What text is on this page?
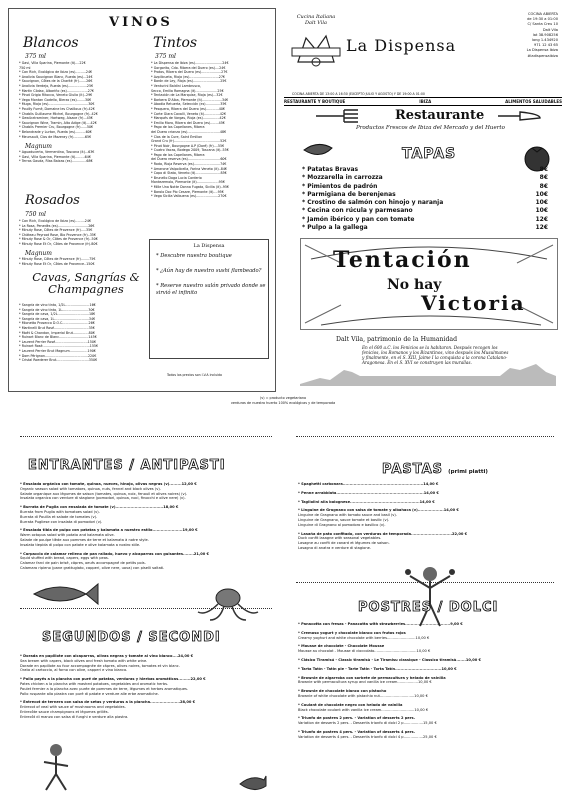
VINOS
Blancos	Tintos
375 ml	375 ml
* Gavi, Villa Sparina, Piemonte (it)....22€
750 ml
* Can Rich, Ecológico de Ibiza (es)..........24€
* Analivia Sauvignon Blanc, Rueda (es)...24€
* Sauvignon, Côtes de la Charité (fr).......26€
* Analivia Verdejo, Rueda (es)..................25€
* Martín Códax, Albariño (es)....................27€
* Pinot Grigio Ritocco, Veneto Giulia (it)..29€
* Vega Montan Godello, Bierzo (es)........30€
* Muga, Rioja (es)......................................30€
* Pouilly Fumé, Domaine les Chailloux (fr).42€
* Chablis Guillaume Michel, Bourgogne (fr)..42€
* Gewürztraminer, Hartweg, Alsace (fr)...45€
* Sauvignon Wine, Tramin, Alto Adige (it)....42€
* Chablis Premier Cru, Bourgogne (fr)......50€
* Belondrade y Lurton, Rueda (es)..........60€
* Meursault, Clos de Mazeray (fr)...........65€
Magnum
* Aguaducerta, Vermentino, Toscana (it)...63€
* Gavi, Villa Sparina, Piemonte (it).........64€
* Terras Gauda, Rías Baixas (es)..............68€
* La Dispensa de Ibiza (es)..........................24€
* Gorgorito, Cdo. Ribera del Duero (es)....24€
* Protos, Ribera del Duero (es)...................27€
* Azpilicueta, Rioja (es)............................27€
* Barón de Ley, Rioja (es)..........................25€
* Venturini Baldini Lambrusco,
Secco, Emilia Romagna (it).....................25€
* Tentación de La Marquise, Rioja (es)...32€
* Barbera D'Alba, Piemonte (it)...................34€
* Abadía Retuerta, Selección (es)..............35€
* Pesquera, Ribera del Duero (es)............40€
* Corte Giara Cavalli, Veneto (it)...............42€
* Marqués de Vargas, Rioja (es)................42€
* Emilio Moro, Ribera del Duero (es)........45€
* Pago de los Capellanes, Ribera
del Duero crianza (es)...............................48€
* Clos de la Cure, Saint Émilion
Grand Cru (fr)............................................52€
* Pinot Noir, Bourgogne A.P (Doré) (fr)....55€
* Cuatro Vacas, Bodega 2009, Toscana (it)..55€
* Pago de los Capellanes, Ribera
del Duero reserva (es)...............................60€
* Roda, Rioja Reserva (es).........................74€
* Amarone Valpolicella, Farina Veneto (it)..84€
* Capo di Stato, Veneto (it)........................85€
* Brunello Doga Lucia Corderio
Montezemolo, Piemonte (it).....................95€
* Mille Una Notte Donna Fugata, Sicilia (it)..95€
* Barolo Doc Pio Cesare, Piemonte (it)....95€
* Vega Sicilia Valbuena (es).....................270€
Rosados
750 ml
* Can Rich, Ecológico de Ibiza (es).........24€
* La Rosa, Penedès (es).............................26€
* Minuty Rose, Côtes de Provence (fr).....35€
* Château Peyroot Rose, Bio Provence (fr)..35€
* Minuty Rose & Or, Côtes de Provence (fr)..50€
* Minuty Rose Et Or, Côtes de Provence (fr).80€
Magnum
* Minuty Rose, Côtes de Provence (fr)........75€
* Minuty Rose Et Or, Côtes de Provence..150€
Cavas, Sangrías & Champagnes
* Sangría de vino tinto, 1/2L.......................16€
* Sangría de vino tinto, 1L.........................30€
* Sangría de cava, 1/2L..............................18€
* Sangría de cava, 1L.................................34€
* Mionetto Prosecco D.O.C.........................26€
* Martinelli Brut Rosé.................................35€
* Moët & Chandon, Imperial Brut...............80€
* Ruinart Blanc de Blanc............................145€
* Laurent Perrier Rosé...............................150€
* Ruinart Rosé.............................................155€
* Laurent Perrier Brut Magnum.................190€
* Dom Pérignon.........................................220€
* Cristal Roederer Brut...............................350€
La Dispensa
* Descubre nuestra boutique
* ¿Aún hay de nuestro sushi flambeado?
* Reserve nuestro salón privado donde se sirvió el infinito
Todos los precios son I.V.A incluido
Cucina Italiana
Dalt Vila
La Dispensa
COCINA ABIERTA
de 19:30 a 01:00
C/ Santa Creu 10
Dalt Vila
lat 38.908256
long 1.434920
971 12 43 65
La Dispensa Ibiza
#ladispensaibiza
COCINA ABIERTA DE 13:00 A 16:30 (EXCEPTO JULIO Y AGOSTO) Y DE 19:00 A 01:00
RESTAURANTE Y BOUTIQUE	IBIZA	ALIMENTOS SALUDABLES
Restaurante
Productos Frescos de Ibiza del Mercado y del Huerto
TAPAS
* Patatas Bravas	8€
* Mozzarella in carrozza	8€
* Pimientos de padrón	8€
* Parmigiana de berenjenas	10€
* Crostino de salmón con hinojo y naranja	10€
* Cecina con rúcula y parmesano	10€
* Jamón ibérico y pan con tomate	12€
* Pulpo a la gallega	12€
Tentación
No hay
Victoria
Dalt Vila, patrimonio de la Humanidad
En el 600 a.C. los Fenicios se la habitaron. Después recogen los fenicios, los Romanos y los Bizantinos, vino después los Musulmanes y finalmente, en el S. XIII, Jaime I la conquista a la corona Catalano-Aragonesa. En el S. XVI se construyen las murallas.
(v) = producto vegetariano
verduras de nuestro huerto 100% ecológicas y de temporada
ENTRANTES / ANTIPASTI
* Ensalada orgánica con tomate, quinoa, nueces, hinojo, olivas negras (v).........12,00 €
Organic season salad with tomatoes, quinoa, nuts, fennel and black olives (v).
Salade organique aux légumes de saison (tomates, quinoa, noix, fenouil et olives noires) (v).
Insalata organica con verdure di stagione (pomodori, quinoa, noci, finocchi e olive nere) (v).
* Burrata de Puglia con ensalada de tomate (v)...................................18,00 €
Burrata from Puglia with tomatoes salad (v).
Burrata di Pouilla et salade de tomates (v).
Burrata Pugliese con insalata di pomodori (v).
* Ensalada tibia de pulpo con patatas y kalamata a nuestro estilo......................19,00 €
Warm octopus salad with potato and kalamata olive.
Salade de poulpe tiède aux pommes de terre et kalamata à notre style.
Insalata tiepida di polpo con patate e olive kalamata a nostro stile.
* Carpaccio de calamar relleno de pan rallado, huevo y alcaparras con guisantes........21,00 €
Squid stuffed with bread, capers, eggs with peas.
Calamar farci de pain brisé, câpres, oeufs accompagné de petits pois.
Calamaro ripieno (pane grattugiato, capperi, olive nere, uova) con piselli saltati.
SEGUNDOS / SECONDI
* Dorada en papillote con alcaparras, olivas negras y tomate al vino blanco....24,00 €
Sea bream with capers, black olives and fresh tomato with white wine.
Dorade en papillote au four accompagnée de câpres, olives noires, tomates et vin blanc.
Orata al cartoccio, al forno con olive, capperi e vino bianco.
* Pollo payés a la plancha con puré de patatas, verduras y hierbas aromáticas.........22,00 €
Pates chicken a la plancha with mashed potatoes, vegetables and aromatic herbs.
Poulet fermier a la plancha avec purée de pommes de terre, légumes et herbes aromatiques.
Pollo ruspante alla piastra con purè di patate e verdure alle erbe aromatiche.
* Entrecot de ternera con salsa de setas y verduras a la plancha......................28,00 €
Entrecot of veal with sauce of mushrooms and vegetables.
Entrecôte sauce champignons et légumes grillés.
Entrecôt di manzo con salsa di funghi e verdure alla piastra.
PASTAS (primi piatti)
* Spaghetti carbonara...........................................................14,00 €
* Penne arrabbiata................................................................14,00 €
* Tagliolini alla bolognese...................................................14,00 €
* Linguine de Gragnano con salsa de tomate y albahaca (v)...................14,00 €
Linguine de Gragnano with tomato sauce and basil (v).
Linguine de Gragnano, sauce tomate et basilic (v).
Linguine di Gragnano al pomodoro e basilico (v).
* Lasaña de pato confitado, con verduras de temporada..............................22,00 €
Duck confit lasagne with seasonal vegetables.
Lasagne au confit de canard et légumes de saison.
Lasagna di anatra e verdure di stagione.
POSTRES / DOLCI
* Panacotta con fresas - Panacotta with strawberries.................................9,00 €
* Cremoso yogurt y chocolate blanco con frutos rojos
Creamy yoghurt and white chocolate with berries.........................10,00 €
* Mousse de chocolate - Chocolate Mousse
Mousse au chocolat - Mousse di cioccolato.....................................10,00 €
* Clásico Tiramisú - Classic tiramisù - Le Tiramisu classique - Classico tiramisù.......10,00 €
* Tarta Tatín - Tatin pie - Tarte Tatin - Torta Tatín..................................10,00 €
* Brownie de algarroba con sorbete de permacultura y helado de vainilla
Brownie with permacultura syrup and vanilla ice cream..................10,00 €
* Brownie de chocolate blanco con pistacho
Brownie of white chocolate with pistachio nut..............................10,00 €
* Coulant de chocolate negro con helado de vainilla
Black chocolate coulant with vanilla ice cream.............................10,00 €
* Triunfo de postres 2 pers. - Variation of desserts 2 pers.
Variation de desserts 2 pers. - Dessertis trionfo di dolci 2 p.................15,00 €
* Triunfo de postres 4 pers. - Variation of desserts 4 pers.
Variation de desserts 4 pers. - Dessertis trionfo di dolci 4 p.................25,00 €
